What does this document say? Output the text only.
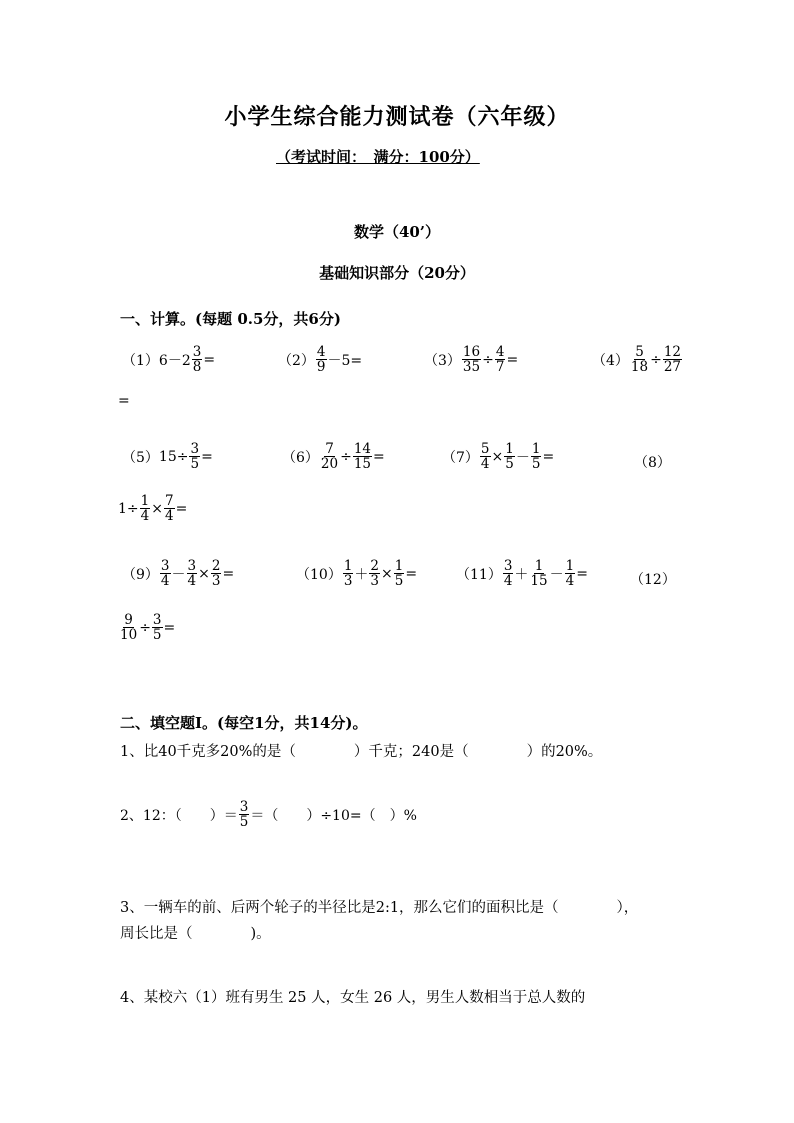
小学生综合能力测试卷（六年级）
（考试时间：　满分：100分）
数学（40’）
基础知识部分（20分）
一、计算。(每题 0.5分，共6分)
（1） $6-2 \frac{3}{8}$ =	$(2) \frac{4}{9} -5=$	$(3) \frac{16}{35} \div \frac{4}{7}$ =	$(4) \frac{5}{18} \div \frac{12}{27}$
=
（5） $15\div \frac{3}{5}$ =	$(6) \frac{7}{20} \div \frac{14}{15}$ =	$(7) \frac{5}{4} \times \frac{1}{5} - \frac{1}{5}$ =	（8）
$1\div \frac{1}{4} \times \frac{7}{4}$ =
$(9) \frac{3}{4} - \frac{3}{4} \times \frac{2}{3}$ =	$(10) \frac{1}{3} + \frac{2}{3} \times \frac{1}{5}$ =	$(11) \frac{3}{4} + \frac{1}{15} - \frac{1}{4}$ =	（12）
$\frac{9}{10} \div \frac{3}{5}$ =
二、填空题Ⅰ。(每空1分，共14分)。
1、比40千克多20%的是（　　　　）千克；240是（　　　　）的20%。
2、12：（　　）＝ $\frac{3}{5}$ ＝（　　）÷10=（　）%
3、一辆车的前、后两个轮子的半径比是2:1，那么它们的面积比是（　　　　），
周长比是（　　　　)。
4、某校六（1）班有男生 25 人，女生 26 人，男生人数相当于总人数的
